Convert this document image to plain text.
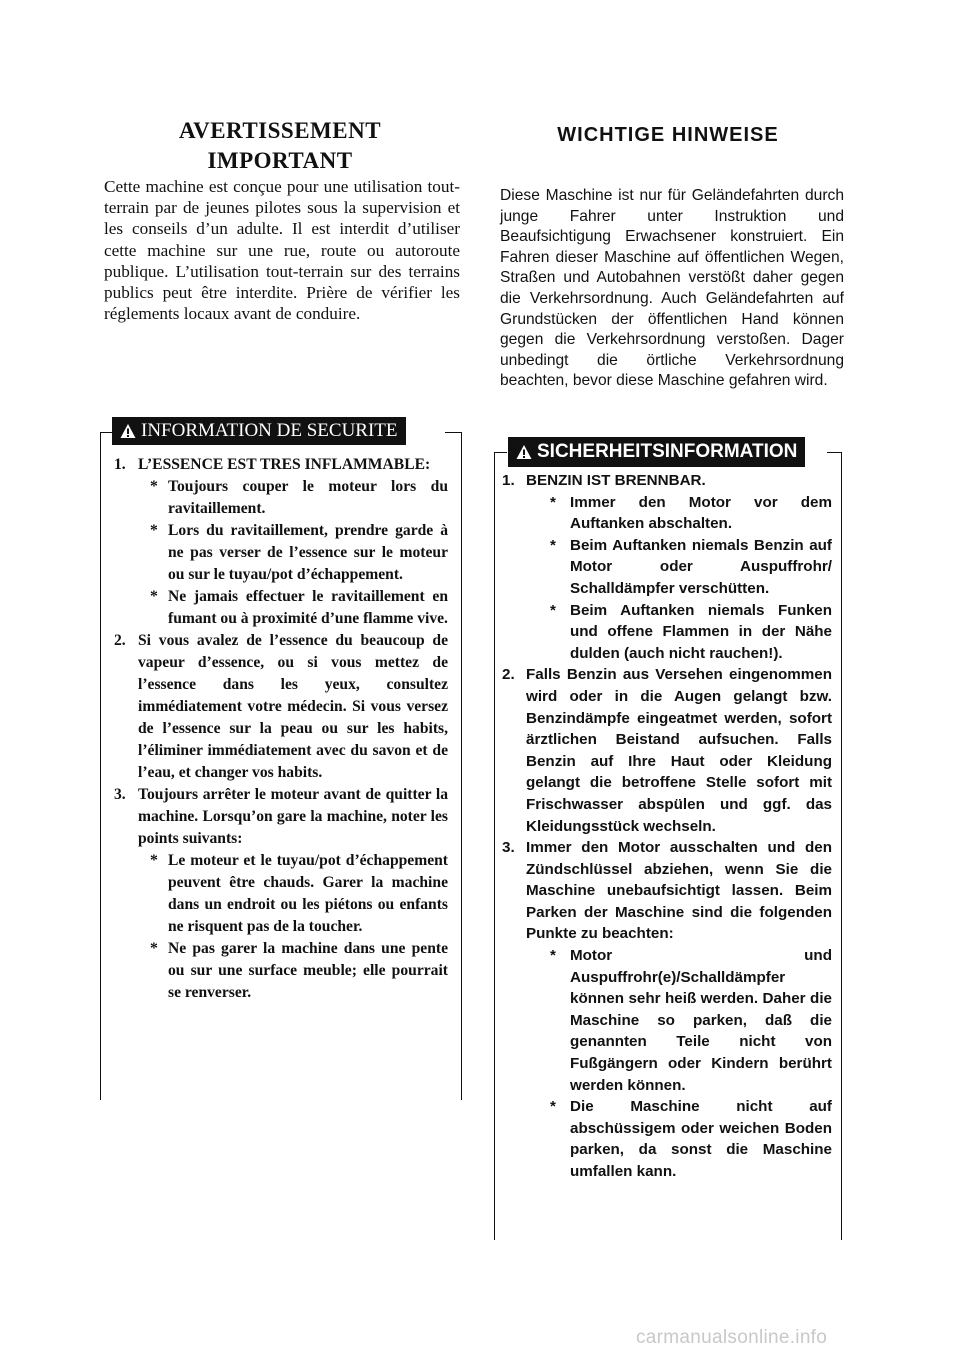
AVERTISSEMENT
IMPORTANT

Cette machine est conçue pour une utilisation tout-terrain par de jeunes pilotes sous la supervision et les conseils d’un adulte. Il est interdit d’utiliser cette machine sur une rue, route ou autoroute publique. L’utilisation tout-terrain sur des terrains publics peut être interdite. Prière de vérifier les réglements locaux avant de conduire.

INFORMATION DE SECURITE
1. L’ESSENCE EST TRES INFLAMMABLE:
* Toujours couper le moteur lors du ravitaillement.
* Lors du ravitaillement, prendre garde à ne pas verser de l’essence sur le moteur ou sur le tuyau/pot d’échappement.
* Ne jamais effectuer le ravitaillement en fumant ou à proximité d’une flamme vive.
2. Si vous avalez de l’essence du beaucoup de vapeur d’essence, ou si vous mettez de l’essence dans les yeux, consultez immédiatement votre médecin. Si vous versez de l’essence sur la peau ou sur les habits, l’éliminer immédiatement avec du savon et de l’eau, et changer vos habits.
3. Toujours arrêter le moteur avant de quitter la machine. Lorsqu’on gare la machine, noter les points suivants:
* Le moteur et le tuyau/pot d’échappement peuvent être chauds. Garer la machine dans un endroit ou les piétons ou enfants ne risquent pas de la toucher.
* Ne pas garer la machine dans une pente ou sur une surface meuble; elle pourrait se renverser.
WICHTIGE HINWEISE

Diese Maschine ist nur für Geländefahrten durch junge Fahrer unter Instruktion und Beaufsichtigung Erwachsener konstruiert. Ein Fahren dieser Maschine auf öffentlichen Wegen, Straßen und Autobahnen verstößt daher gegen die Verkehrsordnung. Auch Geländefahrten auf Grundstücken der öffentlichen Hand können gegen die Verkehrsordnung verstoßen. Dager unbedingt die örtliche Verkehrsordnung beachten, bevor diese Maschine gefahren wird.

SICHERHEITSINFORMATION
1. BENZIN IST BRENNBAR.
* Immer den Motor vor dem Auftanken abschalten.
* Beim Auftanken niemals Benzin auf Motor oder Auspuffrohr/ Schalldämpfer verschütten.
* Beim Auftanken niemals Funken und offene Flammen in der Nähe dulden (auch nicht rauchen!).
2. Falls Benzin aus Versehen eingenommen wird oder in die Augen gelangt bzw. Benzindämpfe eingeatmet werden, sofort ärztlichen Beistand aufsuchen. Falls Benzin auf Ihre Haut oder Kleidung gelangt die betroffene Stelle sofort mit Frischwasser abspülen und ggf. das Kleidungsstück wechseln.
3. Immer den Motor ausschalten und den Zündschlüssel abziehen, wenn Sie die Maschine unebaufsichtigt lassen. Beim Parken der Maschine sind die folgenden Punkte zu beachten:
* Motor und Auspuffrohr(e)/Schalldämpfer können sehr heiß werden. Daher die Maschine so parken, daß die genannten Teile nicht von Fußgängern oder Kindern berührt werden können.
* Die Maschine nicht auf abschüssigem oder weichen Boden parken, da sonst die Maschine umfallen kann.
carmanualsonline.info
